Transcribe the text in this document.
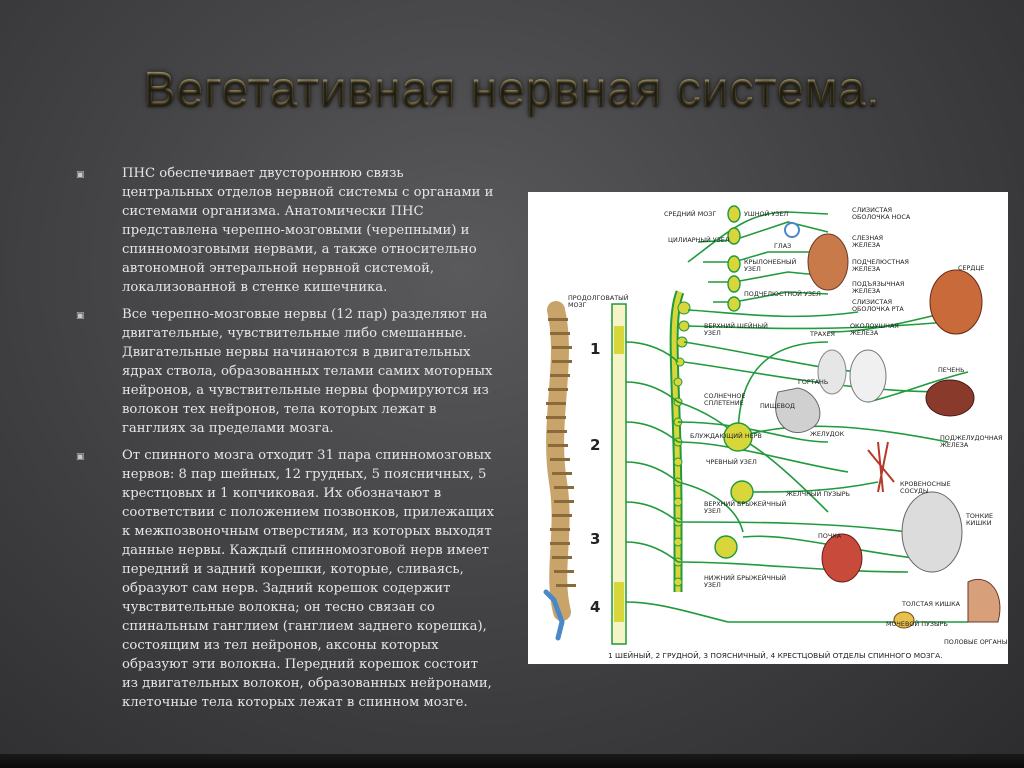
Вегетативная нервная система.
▣	ПНС обеспечивает двустороннюю связь центральных отделов нервной системы с органами и системами организма. Анатомически ПНС представлена черепно-мозговыми (черепными) и спинномозговыми нервами, а также относительно автономной энтеральной нервной системой, локализованной в стенке кишечника.
▣	Все черепно-мозговые нервы (12 пар) разделяют на двигательные, чувствительные либо смешанные. Двигательные нервы начинаются в двигательных ядрах ствола, образованных телами самих моторных нейронов, а чувствительные нервы формируются из волокон тех нейронов, тела которых лежат в ганглиях за пределами мозга.
▣	От спинного мозга отходит 31 пара спинномозговых нервов: 8 пар шейных, 12 грудных, 5 поясничных, 5 крестцовых и 1 копчиковая. Их обозначают в соответствии с положением позвонков, прилежащих к межпозвоночным отверстиям, из которых выходят данные нервы. Каждый спинномозговой нерв имеет передний и задний корешки, которые, сливаясь, образуют сам нерв. Задний корешок содержит чувствительные волокна; он тесно связан со спинальным ганглием (ганглием заднего корешка), состоящим из тел нейронов, аксоны которых образуют эти волокна. Передний корешок состоит из двигательных волокон, образованных нейронами, клеточные тела которых лежат в спинном мозге.
1
2
3
4
СРЕДНИЙ МОЗГ	УШНОЙ УЗЕЛ
ЦИЛИАРНЫЙ УЗЕЛ
ГЛАЗ
КРЫЛОНЕБНЫЙ
УЗЕЛ
ПОДЧЕЛЮСТНОЙ УЗЕЛ
СЛИЗИСТАЯ
ОБОЛОЧКА НОСА
СЛЕЗНАЯ
ЖЕЛЕЗА
ПОДЧЕЛЮСТНАЯ
ЖЕЛЕЗА
ПОДЪЯЗЫЧНАЯ
ЖЕЛЕЗА
СЛИЗИСТАЯ
ОБОЛОЧКА РТА
ОКОЛОУШНАЯ
ЖЕЛЕЗА
ПРОДОЛГОВАТЫЙ
МОЗГ
СЕРДЦЕ
ВЕРХНИЙ ШЕЙНЫЙ
УЗЕЛ	ТРАХЕЯ
ГОРТАНЬ
ПИЩЕВОД
ПЕЧЕНЬ
СОЛНЕЧНОЕ
СПЛЕТЕНИЕ
ЖЕЛУДОК	ПОДЖЕЛУДОЧНАЯ
ЖЕЛЕЗА
ЖЕЛЧНЫЙ ПУЗЫРЬ
КРОВЕНОСНЫЕ
СОСУДЫ
ВЕРХНИЙ БРЫЖЕЙЧНЫЙ
УЗЕЛ
ТОНКИЕ
КИШКИ
ПОЧКА
НИЖНИЙ БРЫЖЕЙЧНЫЙ
УЗЕЛ
ТОЛСТАЯ КИШКА
МОЧЕВОЙ ПУЗЫРЬ
ПОЛОВЫЕ ОРГАНЫ
ЧРЕВНЫЙ УЗЕЛ
БЛУЖДАЮЩИЙ НЕРВ
1 ШЕЙНЫЙ, 2 ГРУДНОЙ, 3 ПОЯСНИЧНЫЙ, 4 КРЕСТЦОВЫЙ ОТДЕЛЫ СПИННОГО МОЗГА.
